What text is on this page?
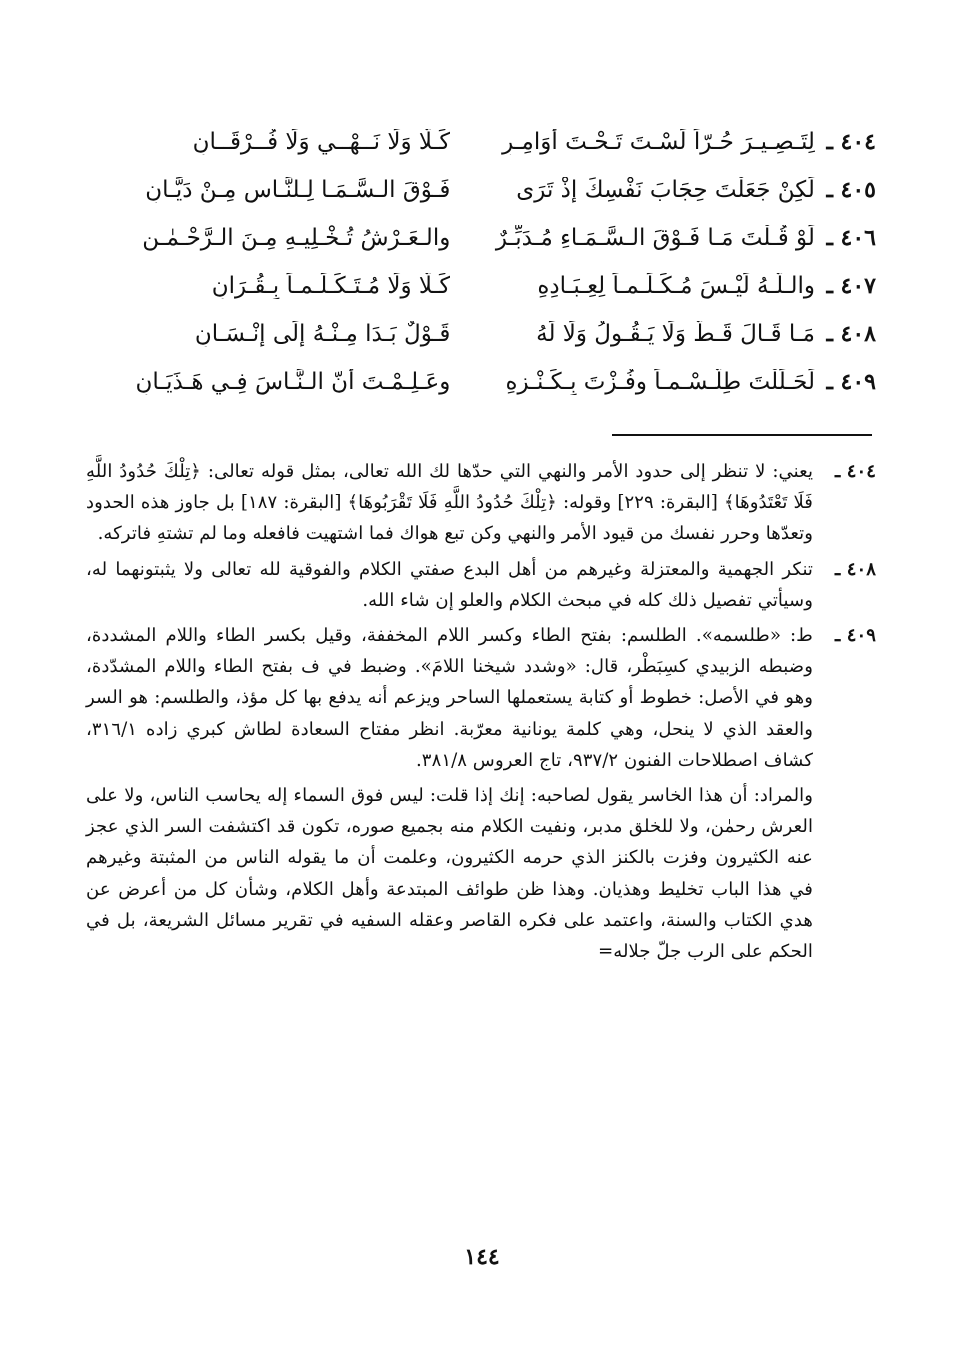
٤٠٤ ـ
لِتَـصِـيـرَ حُـرّاً لَسْـتَ تَـحْـتَ أوَامِـرٍ
كَـلَّا وَلَا نَــهْــيٍ وَلَا فُــرْقَــانِ
٤٠٥ ـ
لَكِنْ جَعَلْتَ حِجَابَ نَفْسِكَ إذْ تَرَى
فَـوْقَ الـسَّـمَـا لِـلنَّـاسِ مِـنْ دَيَّـانِ
٤٠٦ ـ
لَوْ قُـلْتَ مَـا فَـوْقَ الـسَّـمَـاءِ مُـدَبِّـرٌ
والـعَـرْشُ تُـخْـلِيـهِ مِـنَ الـرَّحْـمٰـنِ
٤٠٧ ـ
والـلَّـهُ لَيْـسَ مُـكَـلِّـمـاً لِعِـبَـادِهِ
كَـلَّا وَلَا مُـتَـكَـلِّـمـاً بِـقُـرَانِ
٤٠٨ ـ
مَـا قَـالَ قَـطُّ وَلَا يَـقُـولُ وَلَا لَهُ
قَـوْلٌ بَـدَا مِـنْـهُ إلَى إنْـسَـانِ
٤٠٩ ـ
لَحَـلَلْتَ طِلَّـسْـمـاً وفُـزْتَ بِـكَـنْـزِهِ
وعَـلِـمْـتَ أنّ الـنَّـاسَ فِـي هَـذَيَـانِ
٤٠٤ ـ
يعني: لا تنظر إلى حدود الأمر والنهي التي حدّها لك الله تعالى، بمثل قوله تعالى: ﴿تِلْكَ حُدُودُ اللَّهِ فَلَا تَعْتَدُوهَا﴾ [البقرة: ٢٢٩] وقوله: ﴿تِلْكَ حُدُودُ اللَّهِ فَلَا تَقْرَبُوهَا﴾ [البقرة: ١٨٧] بل جاوز هذه الحدود وتعدّها وحرر نفسك من قيود الأمر والنهي وكن تبع هواك فما اشتهيت فافعله وما لم تشتهِ فاتركه.
٤٠٨ ـ
تنكر الجهمية والمعتزلة وغيرهم من أهل البدع صفتي الكلام والفوقية لله تعالى ولا يثبتونهما له، وسيأتي تفصيل ذلك كله في مبحث الكلام والعلو إن شاء الله.
٤٠٩ ـ
ط: «طلسمه». الطلسم: بفتح الطاء وكسر اللام المخففة، وقيل بكسر الطاء واللام المشددة، وضبطه الزبيدي كسِبَطْر، قال: «وشدد شيخنا اللامَ». وضبط في ف بفتح الطاء واللام المشدّدة، وهو في الأصل: خطوط أو كتابة يستعملها الساحر ويزعم أنه يدفع بها كل مؤذ، والطلسم: هو السر والعقد الذي لا ينحل، وهي كلمة يونانية معرّبة. انظر مفتاح السعادة لطاش كبري زاده ٣١٦/١، كشاف اصطلاحات الفنون ٩٣٧/٢، تاج العروس ٣٨١/٨.
والمراد: أن هذا الخاسر يقول لصاحبه: إنك إذا قلت: ليس فوق السماء إله يحاسب الناس، ولا على العرش رحمٰن، ولا للخلق مدبر، ونفيت الكلام منه بجميع صوره، تكون قد اكتشفت السر الذي عجز عنه الكثيرون وفزت بالكنز الذي حرمه الكثيرون، وعلمت أن ما يقوله الناس من المثبتة وغيرهم في هذا الباب تخليط وهذيان. وهذا ظن طوائف المبتدعة وأهل الكلام، وشأن كل من أعرض عن هدي الكتاب والسنة، واعتمد على فكره القاصر وعقله السفيه في تقرير مسائل الشريعة، بل في الحكم على الرب جلّ جلاله=
١٤٤
